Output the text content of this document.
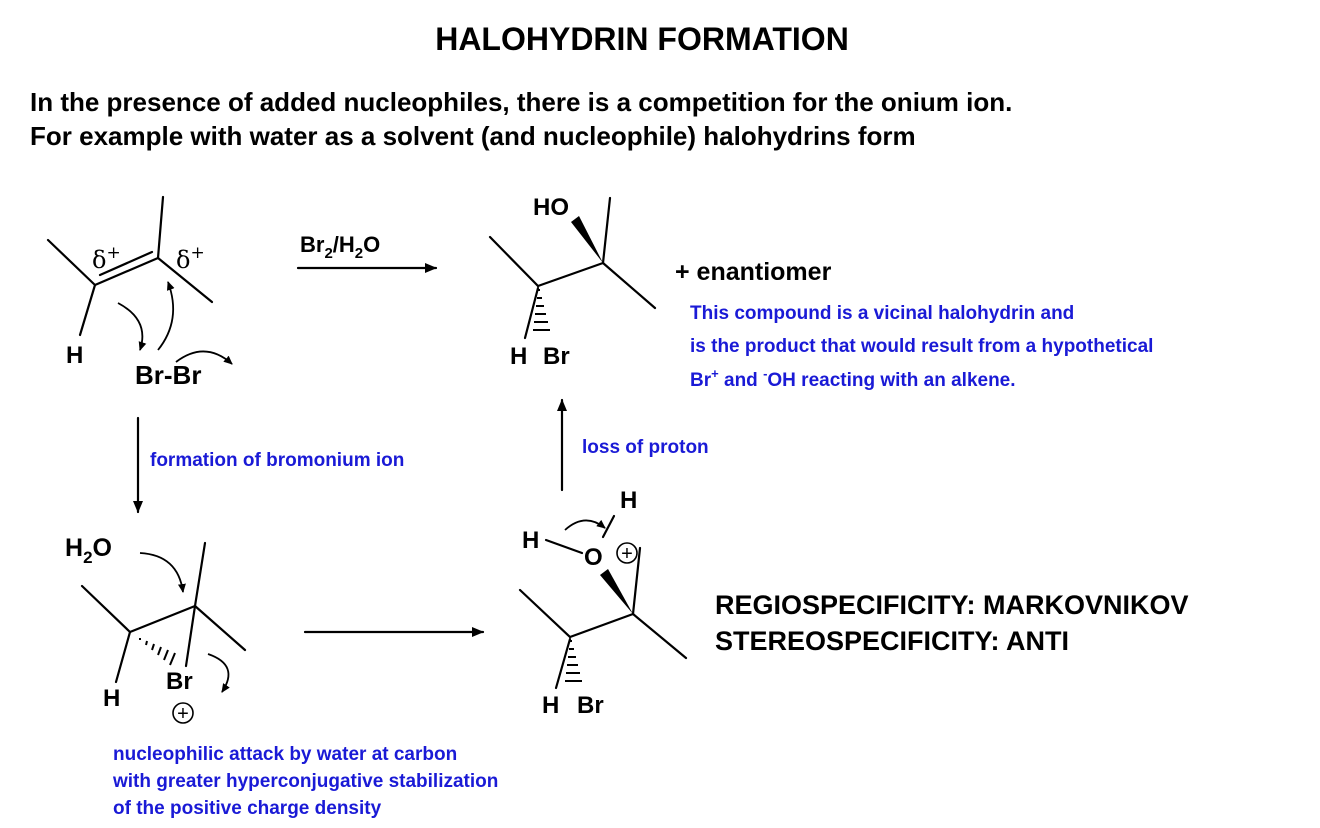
HALOHYDRIN FORMATION
In the presence of added nucleophiles, there is a competition for the onium ion.
For example with water as a solvent (and nucleophile) halohydrins form
δ+ δ+
H
Br-Br
$Br_2/H_2O$
HO
H Br
+ enantiomer
This compound is a vicinal halohydrin and
is the product that would result from a hypothetical
Br+ and -OH reacting with an alkene.
formation of bromonium ion
loss of proton
$H_2O$
H
Br
+
H
H
O +
H Br
REGIOSPECIFICITY: MARKOVNIKOV
STEREOSPECIFICITY: ANTI
nucleophilic attack by water at carbon
with greater hyperconjugative stabilization
of the positive charge density
